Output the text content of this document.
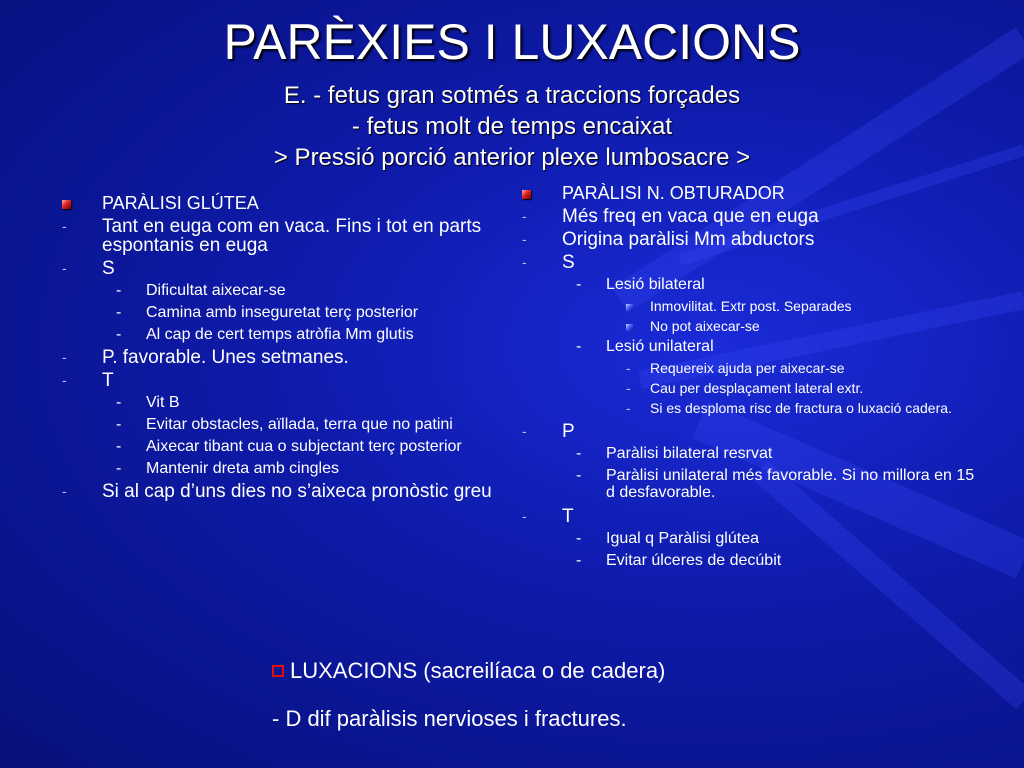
PARÈXIES I LUXACIONS
E. - fetus gran sotmés a traccions forçades
- fetus molt de temps encaixat
> Pressió porció anterior plexe lumbosacre >
PARÀLISI GLÚTEA
- Tant en euga com en vaca. Fins i tot en parts espontanis en euga
- S
- Dificultat aixecar-se
- Camina amb inseguretat terç posterior
- Al cap de cert temps atròfia Mm glutis
- P. favorable. Unes setmanes.
- T
- Vit B
- Evitar obstacles, aïllada, terra que no patini
- Aixecar tibant cua o subjectant terç posterior
- Mantenir dreta amb cingles
- Si al cap d’uns dies no s’aixeca pronòstic greu
PARÀLISI N. OBTURADOR
- Més freq en vaca que en euga
- Origina paràlisi Mm abductors
- S
- Lesió bilateral
Inmovilitat. Extr post. Separades
No pot aixecar-se
- Lesió unilateral
- Requereix ajuda per aixecar-se
- Cau per desplaçament lateral extr.
- Si es desploma risc de fractura o luxació cadera.
- P
- Paràlisi bilateral resrvat
- Paràlisi unilateral més favorable. Si no millora en 15 d desfavorable.
- T
- Igual q Paràlisi glútea
- Evitar úlceres de decúbit
LUXACIONS (sacreilíaca o de cadera)
- D dif paràlisis nervioses i fractures.
